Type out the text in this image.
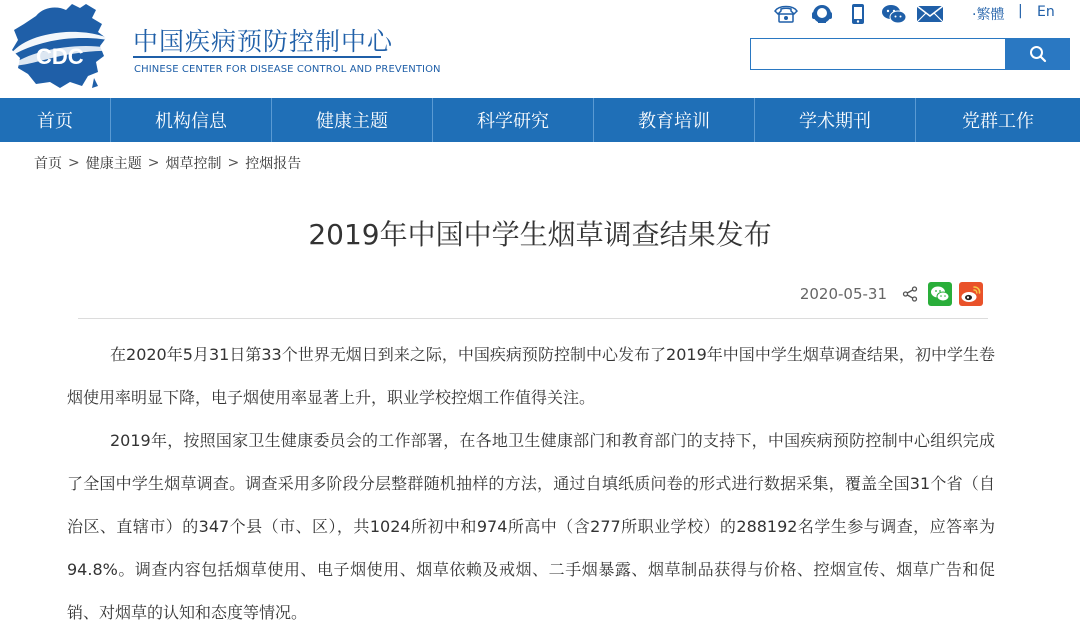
CDC
中国疾病预防控制中心
CHINESE CENTER FOR DISEASE CONTROL AND PREVENTION
·繁體 | En
首页	机构信息	健康主题	科学研究	教育培训	学术期刊	党群工作
首页 > 健康主题 > 烟草控制 > 控烟报告
2019年中国中学生烟草调查结果发布
2020-05-31

在2020年5月31日第33个世界无烟日到来之际，中国疾病预防控制中心发布了2019年中国中学生烟草调查结果，初中学生卷烟使用率明显下降，电子烟使用率显著上升，职业学校控烟工作值得关注。

2019年，按照国家卫生健康委员会的工作部署，在各地卫生健康部门和教育部门的支持下，中国疾病预防控制中心组织完成了全国中学生烟草调查。调查采用多阶段分层整群随机抽样的方法，通过自填纸质问卷的形式进行数据采集，覆盖全国31个省（自治区、直辖市）的347个县（市、区），共1024所初中和974所高中（含277所职业学校）的288192名学生参与调查，应答率为94.8%。调查内容包括烟草使用、电子烟使用、烟草依赖及戒烟、二手烟暴露、烟草制品获得与价格、控烟宣传、烟草广告和促销、对烟草的认知和态度等情况。
